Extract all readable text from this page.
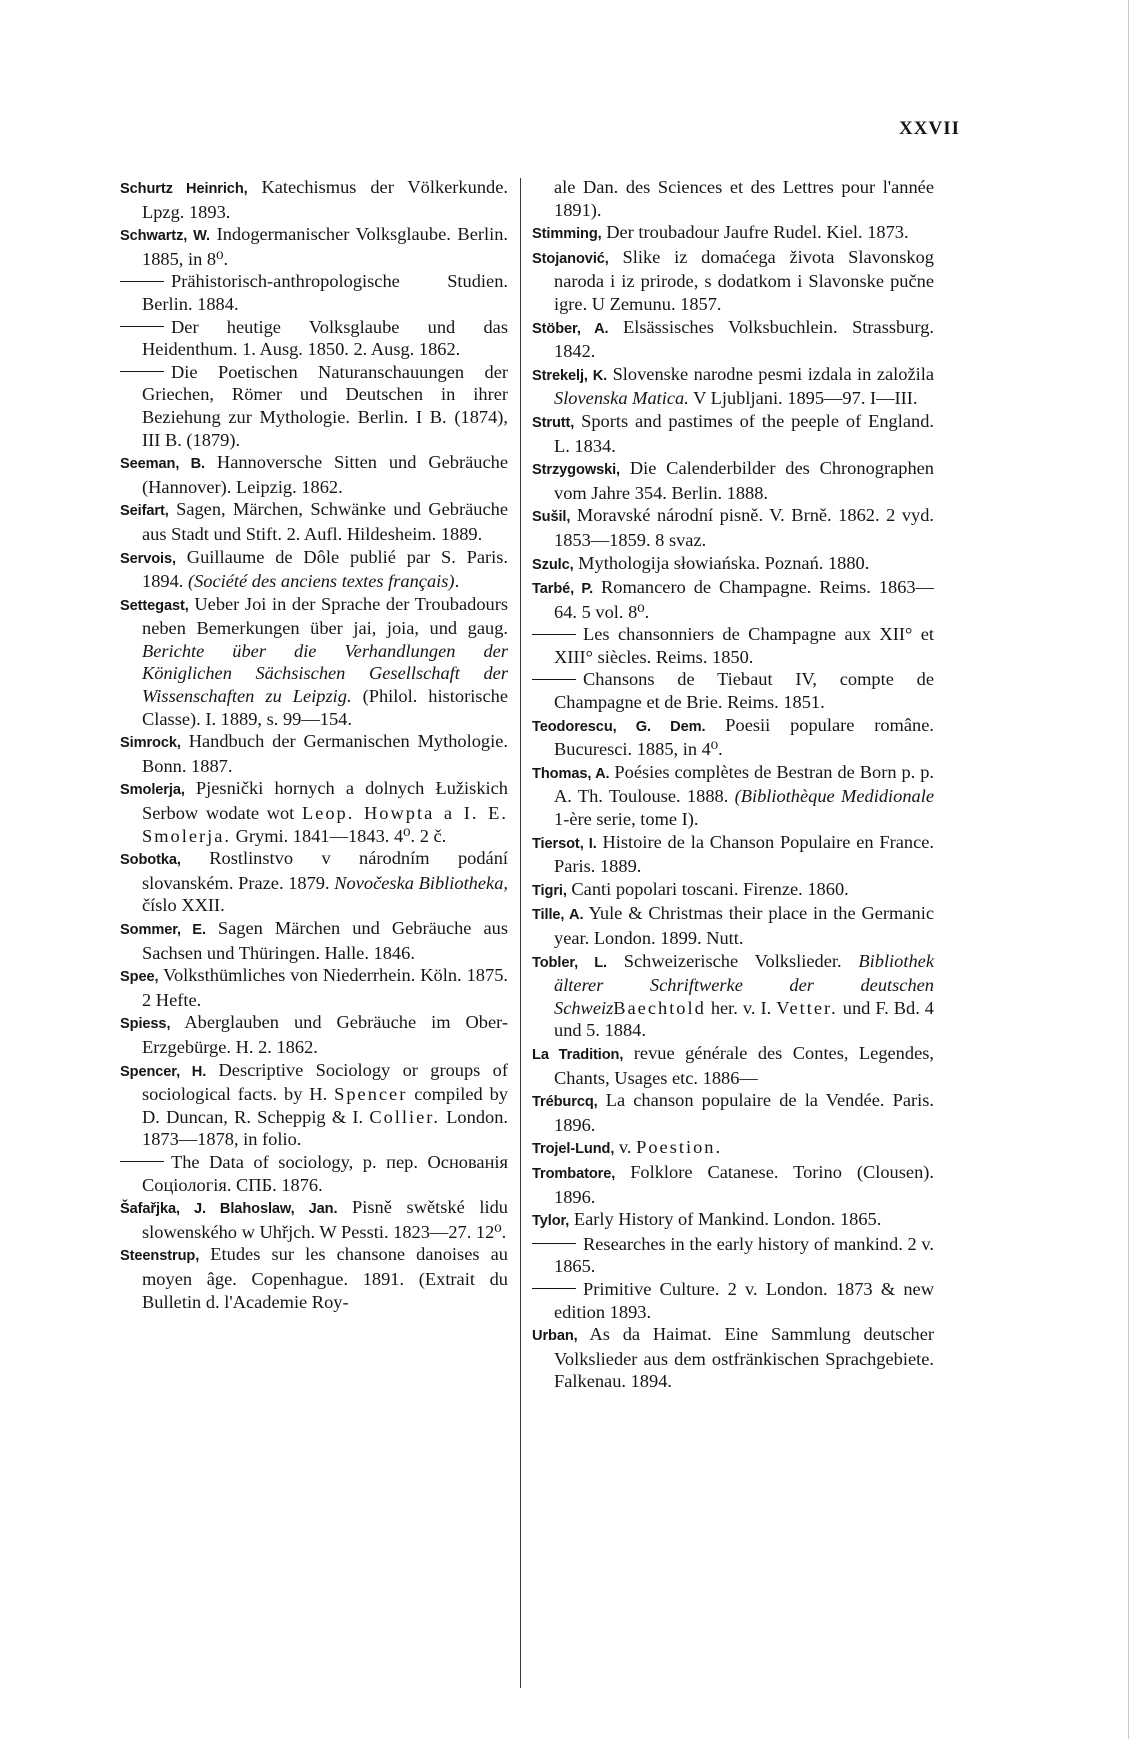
XXVII
Schurtz Heinrich, Katechismus der Völkerkunde. Lpzg. 1893.
Schwartz, W. Indogermanischer Volksglaube. Berlin. 1885, in 8⁰.
Prähistorisch-anthropologische Studien. Berlin. 1884.
Der heutige Volksglaube und das Heidenthum. 1. Ausg. 1850. 2. Ausg. 1862.
Die Poetischen Naturanschauungen der Griechen, Römer und Deutschen in ihrer Beziehung zur Mythologie. Berlin. I B. (1874), III B. (1879).
Seeman, B. Hannoversche Sitten und Gebräuche (Hannover). Leipzig. 1862.
Seifart, Sagen, Märchen, Schwänke und Gebräuche aus Stadt und Stift. 2. Aufl. Hildesheim. 1889.
Servois, Guillaume de Dôle publié par S. Paris. 1894. (Société des anciens textes français).
Settegast, Ueber Joi in der Sprache der Troubadours neben Bemerkungen über jai, joia, und gaug. Berichte über die Verhandlungen der Königlichen Sächsischen Gesellschaft der Wissenschaften zu Leipzig. (Philol. historische Classe). I. 1889, s. 99—154.
Simrock, Handbuch der Germanischen Mythologie. Bonn. 1887.
Smolerja, Pjesnički hornych a dolnych Łužiskich Serbow wodate wot Leop. Howpta a I. E. Smolerja. Grymi. 1841—1843. 4⁰. 2 č.
Sobotka, Rostlinstvo v národním podání slovanském. Praze. 1879. Novočeska Bibliotheka, číslo XXII.
Sommer, E. Sagen Märchen und Gebräuche aus Sachsen und Thüringen. Halle. 1846.
Spee, Volksthümliches von Niederrhein. Köln. 1875. 2 Hefte.
Spiess, Aberglauben und Gebräuche im Ober-Erzgebürge. H. 2. 1862.
Spencer, H. Descriptive Sociology or groups of sociological facts. by H. Spencer compiled by D. Duncan, R. Scheppig & I. Collier. London. 1873—1878, in folio.
The Data of sociology, p. пер. Основанія Соціологія. СПБ. 1876.
Šafařjka, J. Blahoslaw, Jan. Pisně swětské lidu slowenského w Uhřjch. W Pessti. 1823—27. 12⁰.
Steenstrup, Etudes sur les chansone danoises au moyen âge. Copenhague. 1891. (Extrait du Bulletin d. l'Academie Roy-
ale Dan. des Sciences et des Lettres pour l'année 1891).
Stimming, Der troubadour Jaufre Rudel. Kiel. 1873.
Stojanović, Slike iz domaćega života Slavonskog naroda i iz prirode, s dodatkom i Slavonske pučne igre. U Zemunu. 1857.
Stöber, A. Elsässisches Volksbuchlein. Strassburg. 1842.
Strekelj, K. Slovenske narodne pesmi izdala in založila Slovenska Matica. V Ljubljani. 1895—97. I—III.
Strutt, Sports and pastimes of the peeple of England. L. 1834.
Strzygowski, Die Calenderbilder des Chronographen vom Jahre 354. Berlin. 1888.
Sušil, Moravské národní pisně. V. Brně. 1862. 2 vyd. 1853—1859. 8 svaz.
Szulc, Mythologija słowiańska. Poznań. 1880.
Tarbé, P. Romancero de Champagne. Reims. 1863—64. 5 vol. 8⁰.
Les chansonniers de Champagne aux XII° et XIII° siècles. Reims. 1850.
Chansons de Tiebaut IV, compte de Champagne et de Brie. Reims. 1851.
Teodorescu, G. Dem. Poesii populare române. Bucuresci. 1885, in 4⁰.
Thomas, A. Poésies complètes de Bestran de Born p. p. A. Th. Toulouse. 1888. (Bibliothèque Medidionale 1-ère serie, tome I).
Tiersot, I. Histoire de la Chanson Populaire en France. Paris. 1889.
Tigri, Canti popolari toscani. Firenze. 1860.
Tille, A. Yule & Christmas their place in the Germanic year. London. 1899. Nutt.
Tobler, L. Schweizerische Volkslieder. Bibliothek älterer Schriftwerke der deutschen SchweizBaechtold her. v. I. Vetter. und F. Bd. 4 und 5. 1884.
La Tradition, revue générale des Contes, Legendes, Chants, Usages etc. 1886—
Tréburcq, La chanson populaire de la Vendée. Paris. 1896.
Trojel-Lund, v. Poestion.
Trombatore, Folklore Catanese. Torino (Clousen). 1896.
Tylor, Early History of Mankind. London. 1865.
Researches in the early history of mankind. 2 v. 1865.
Primitive Culture. 2 v. London. 1873 & new edition 1893.
Urban, As da Haimat. Eine Sammlung deutscher Volkslieder aus dem ostfränkischen Sprachgebiete. Falkenau. 1894.
